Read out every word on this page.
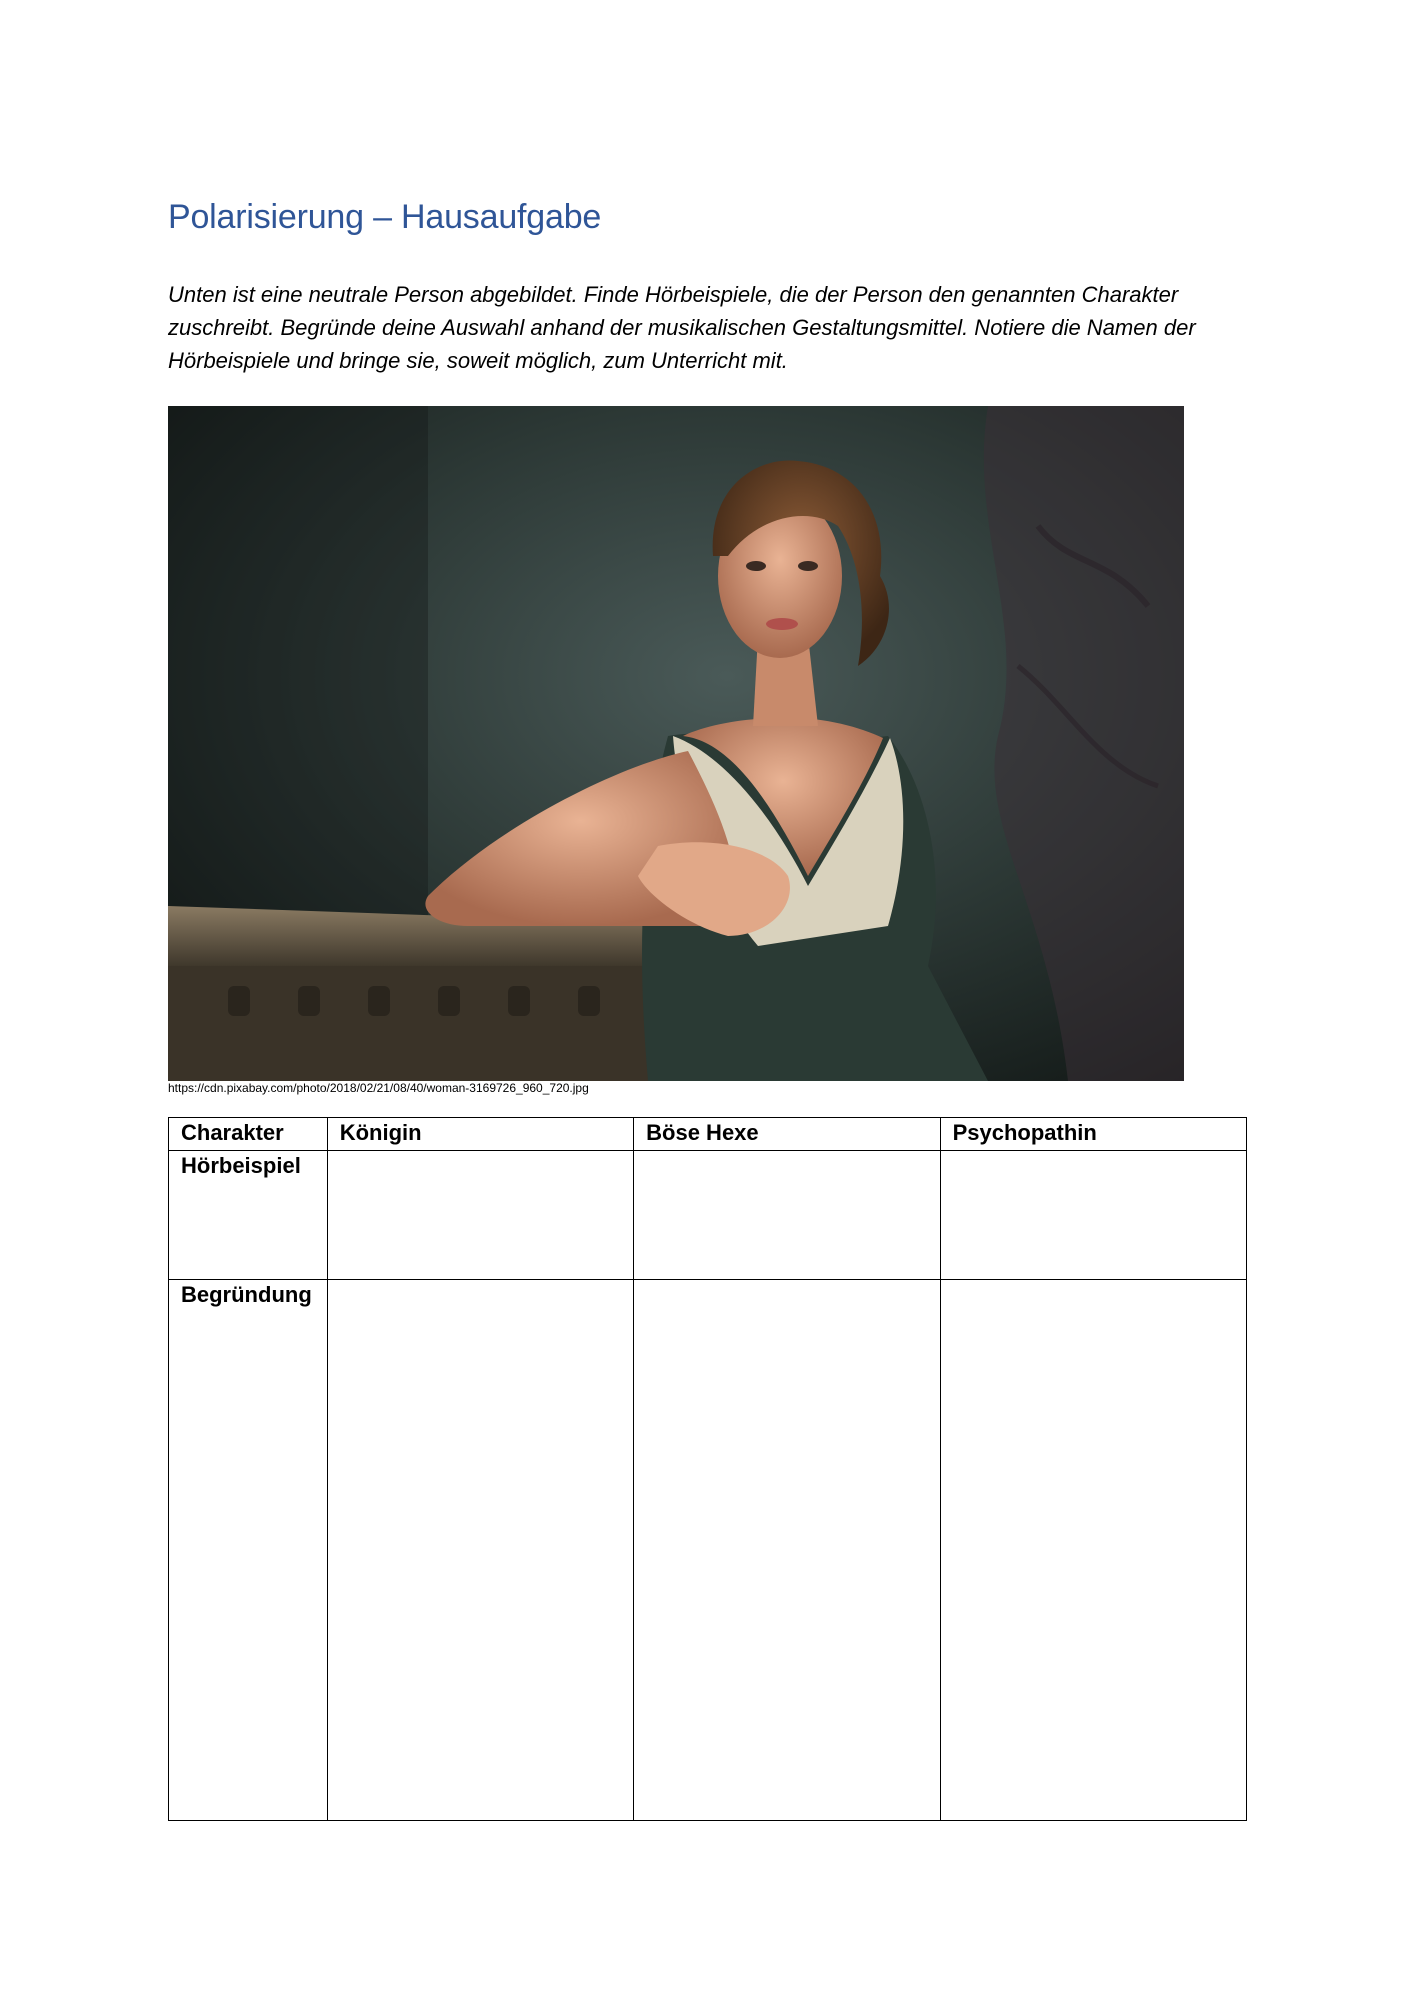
Polarisierung – Hausaufgabe
Unten ist eine neutrale Person abgebildet. Finde Hörbeispiele, die der Person den genannten Charakter zuschreibt. Begründe deine Auswahl anhand der musikalischen Gestaltungsmittel. Notiere die Namen der Hörbeispiele und bringe sie, soweit möglich, zum Unterricht mit.
https://cdn.pixabay.com/photo/2018/02/21/08/40/woman-3169726_960_720.jpg
Charakter	Königin	Böse Hexe	Psychopathin
Hörbeispiel			
Begründung			
